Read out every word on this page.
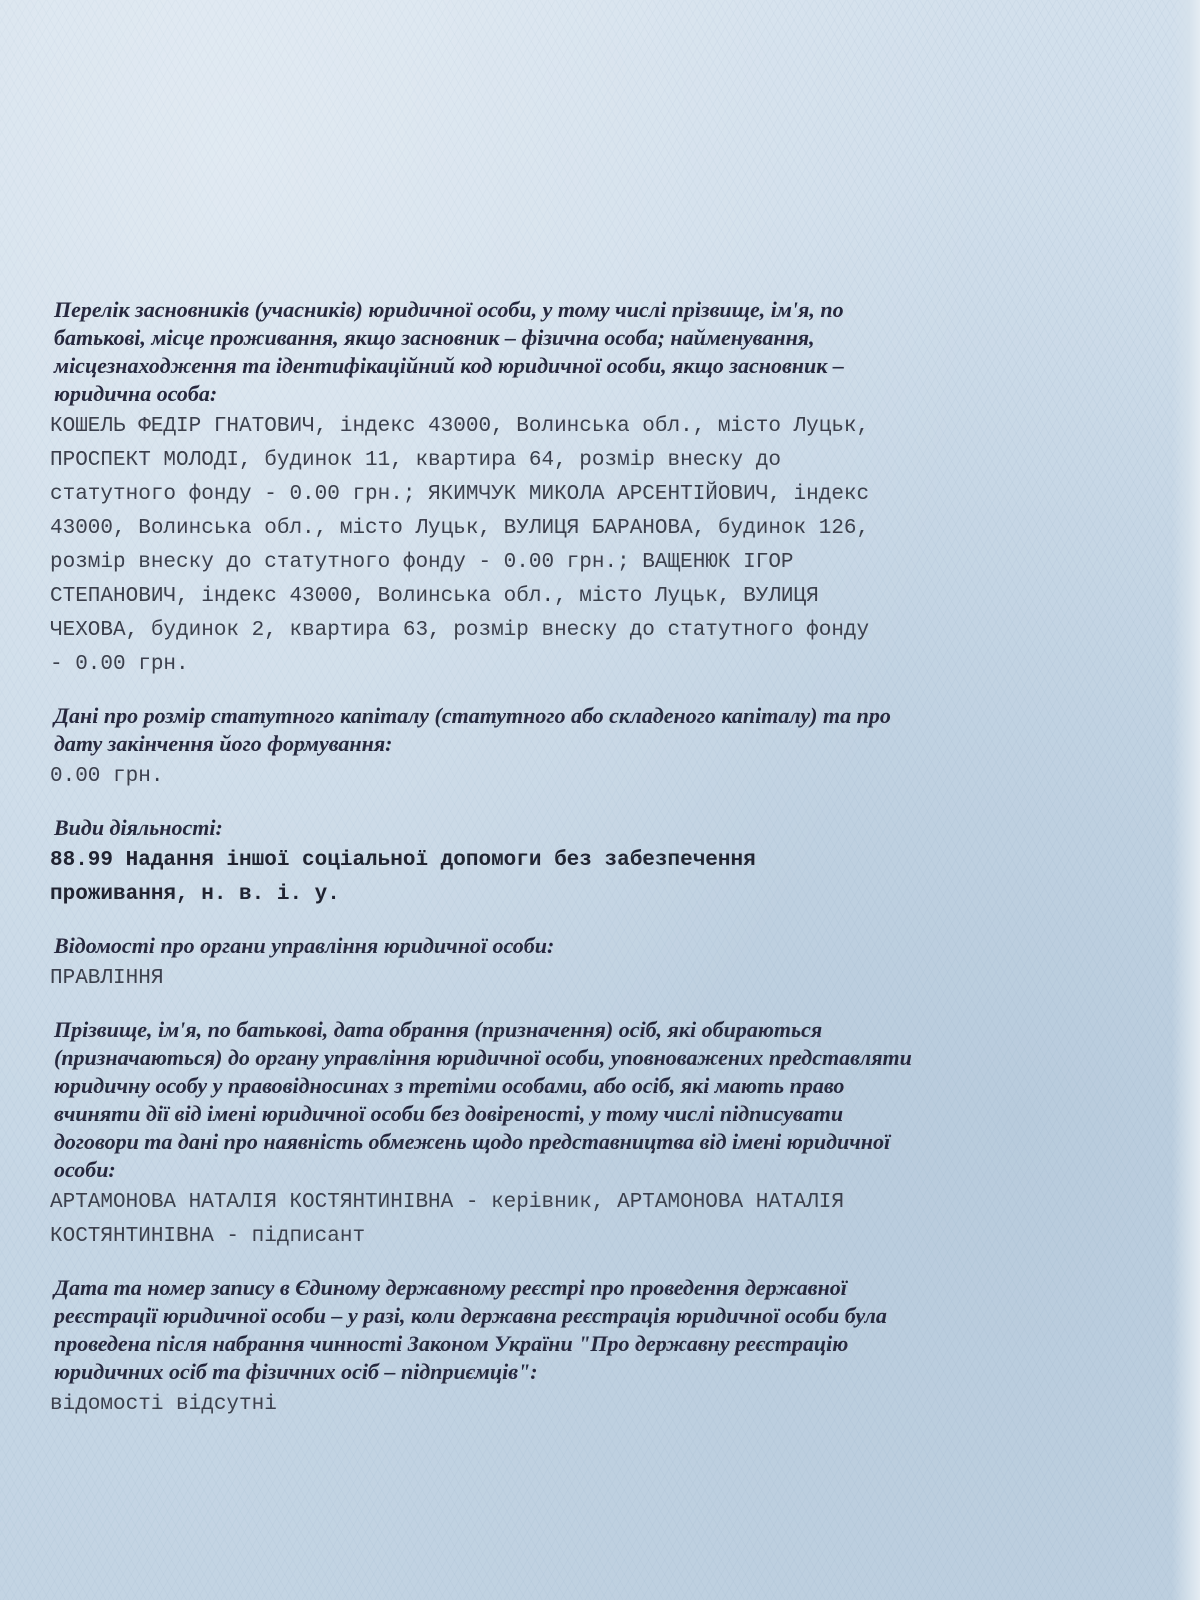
Перелік засновників (учасників) юридичної особи, у тому числі прізвище, ім'я, по
батькові, місце проживання, якщо засновник – фізична особа; найменування,
місцезнаходження та ідентифікаційний код юридичної особи, якщо засновник –
юридична особа:
КОШЕЛЬ ФЕДІР ГНАТОВИЧ, індекс 43000, Волинська обл., місто Луцьк,
ПРОСПЕКТ МОЛОДІ, будинок 11, квартира 64, розмір внеску до
статутного фонду - 0.00 грн.; ЯКИМЧУК МИКОЛА АРСЕНТІЙОВИЧ, індекс
43000, Волинська обл., місто Луцьк, ВУЛИЦЯ БАРАНОВА, будинок 126,
розмір внеску до статутного фонду - 0.00 грн.; ВАЩЕНЮК ІГОР
СТЕПАНОВИЧ, індекс 43000, Волинська обл., місто Луцьк, ВУЛИЦЯ
ЧЕХОВА, будинок 2, квартира 63, розмір внеску до статутного фонду
- 0.00 грн.
Дані про розмір статутного капіталу (статутного або складеного капіталу) та про
дату закінчення його формування:
0.00 грн.
Види діяльності:
88.99 Надання іншої соціальної допомоги без забезпечення
проживання, н. в. і. у.
Відомості про органи управління юридичної особи:
ПРАВЛІННЯ
Прізвище, ім'я, по батькові, дата обрання (призначення) осіб, які обираються
(призначаються) до органу управління юридичної особи, уповноважених представляти
юридичну особу у правовідносинах з третіми особами, або осіб, які мають право
вчиняти дії від імені юридичної особи без довіреності, у тому числі підписувати
договори та дані про наявність обмежень щодо представництва від імені юридичної
особи:
АРТАМОНОВА НАТАЛІЯ КОСТЯНТИНІВНА - керівник, АРТАМОНОВА НАТАЛІЯ
КОСТЯНТИНІВНА - підписант
Дата та номер запису в Єдиному державному реєстрі про проведення державної
реєстрації юридичної особи – у разі, коли державна реєстрація юридичної особи була
проведена після набрання чинності Законом України "Про державну реєстрацію
юридичних осіб та фізичних осіб – підприємців":
відомості відсутні
